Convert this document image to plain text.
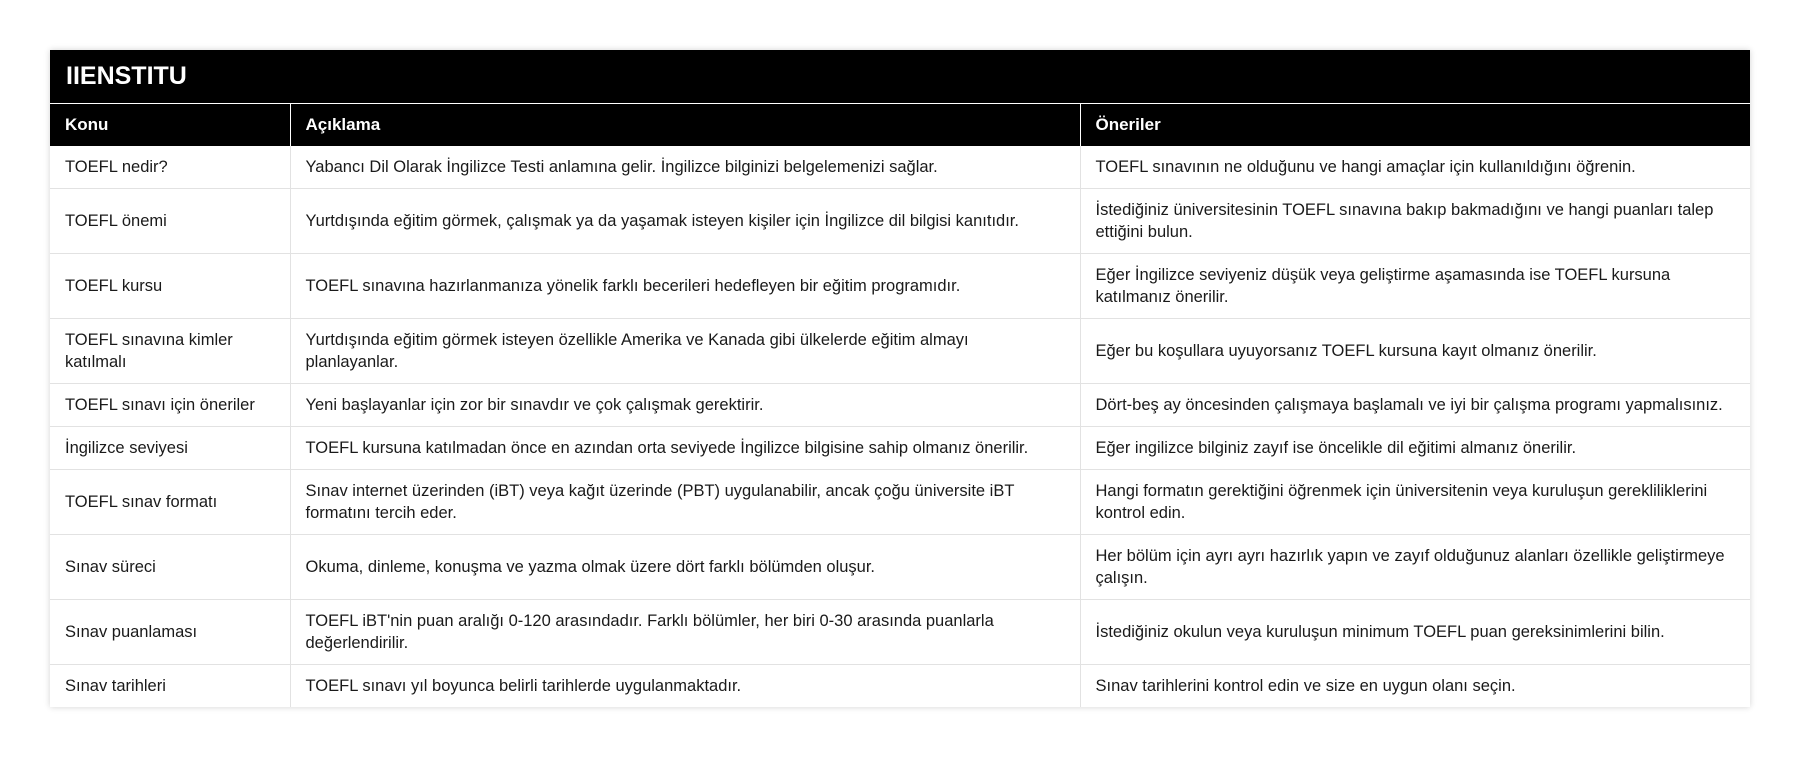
IIENSTITU
Konu	Açıklama	Öneriler
TOEFL nedir?	Yabancı Dil Olarak İngilizce Testi anlamına gelir. İngilizce bilginizi belgelemenizi sağlar.	TOEFL sınavının ne olduğunu ve hangi amaçlar için kullanıldığını öğrenin.
TOEFL önemi	Yurtdışında eğitim görmek, çalışmak ya da yaşamak isteyen kişiler için İngilizce dil bilgisi kanıtıdır.	İstediğiniz üniversitesinin TOEFL sınavına bakıp bakmadığını ve hangi puanları talep ettiğini bulun.
TOEFL kursu	TOEFL sınavına hazırlanmanıza yönelik farklı becerileri hedefleyen bir eğitim programıdır.	Eğer İngilizce seviyeniz düşük veya geliştirme aşamasında ise TOEFL kursuna katılmanız önerilir.
TOEFL sınavına kimler katılmalı	Yurtdışında eğitim görmek isteyen özellikle Amerika ve Kanada gibi ülkelerde eğitim almayı planlayanlar.	Eğer bu koşullara uyuyorsanız TOEFL kursuna kayıt olmanız önerilir.
TOEFL sınavı için öneriler	Yeni başlayanlar için zor bir sınavdır ve çok çalışmak gerektirir.	Dört-beş ay öncesinden çalışmaya başlamalı ve iyi bir çalışma programı yapmalısınız.
İngilizce seviyesi	TOEFL kursuna katılmadan önce en azından orta seviyede İngilizce bilgisine sahip olmanız önerilir.	Eğer ingilizce bilginiz zayıf ise öncelikle dil eğitimi almanız önerilir.
TOEFL sınav formatı	Sınav internet üzerinden (iBT) veya kağıt üzerinde (PBT) uygulanabilir, ancak çoğu üniversite iBT formatını tercih eder.	Hangi formatın gerektiğini öğrenmek için üniversitenin veya kuruluşun gerekliliklerini kontrol edin.
Sınav süreci	Okuma, dinleme, konuşma ve yazma olmak üzere dört farklı bölümden oluşur.	Her bölüm için ayrı ayrı hazırlık yapın ve zayıf olduğunuz alanları özellikle geliştirmeye çalışın.
Sınav puanlaması	TOEFL iBT'nin puan aralığı 0-120 arasındadır. Farklı bölümler, her biri 0-30 arasında puanlarla değerlendirilir.	İstediğiniz okulun veya kuruluşun minimum TOEFL puan gereksinimlerini bilin.
Sınav tarihleri	TOEFL sınavı yıl boyunca belirli tarihlerde uygulanmaktadır.	Sınav tarihlerini kontrol edin ve size en uygun olanı seçin.
